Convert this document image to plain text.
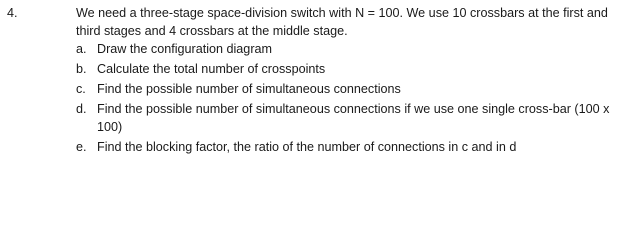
4.	We need a three-stage space-division switch with N = 100. We use 10 crossbars at the first and third stages and 4 crossbars at the middle stage.
a. Draw the configuration diagram
b. Calculate the total number of crosspoints
c. Find the possible number of simultaneous connections
d. Find the possible number of simultaneous connections if we use one single cross-bar (100 x 100)
e. Find the blocking factor, the ratio of the number of connections in c and in d
